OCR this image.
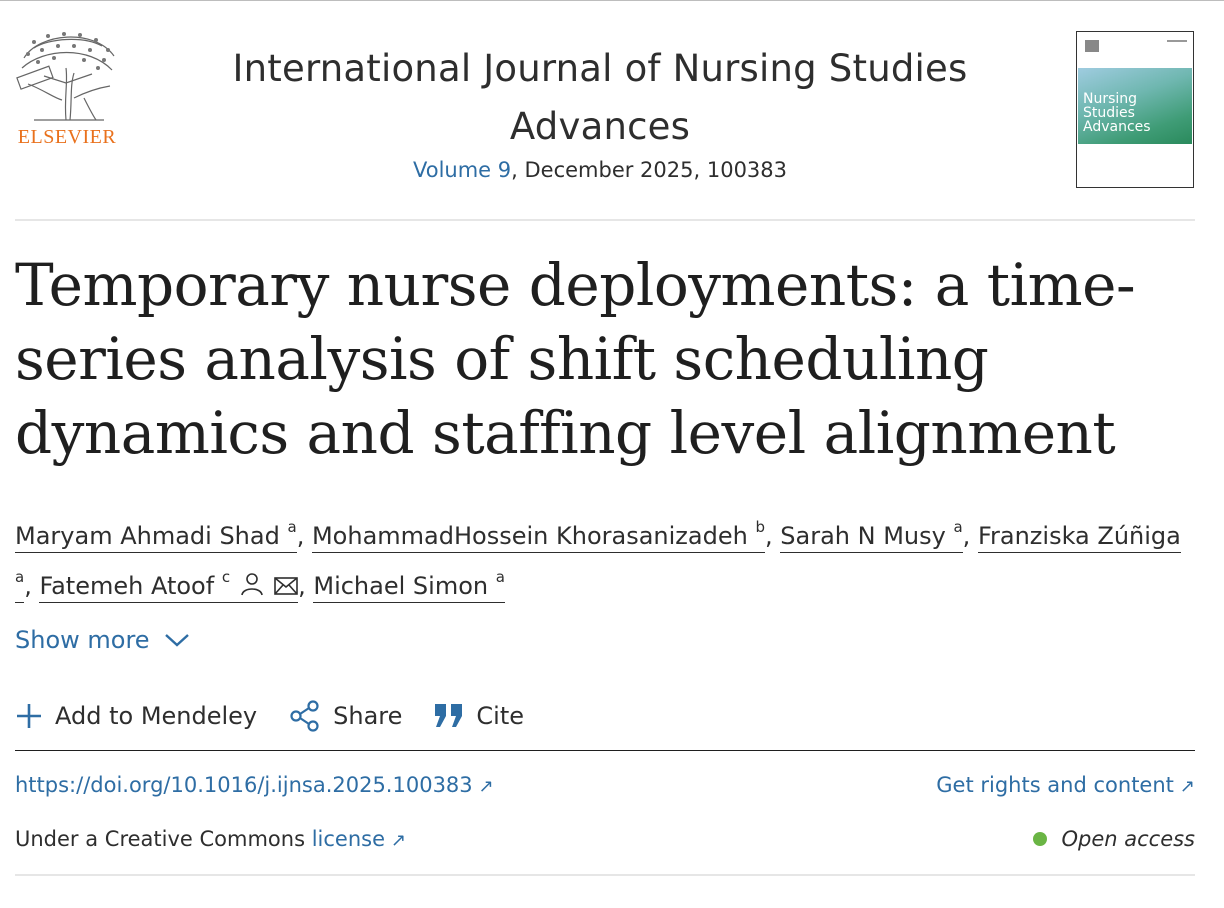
ELSEVIER
International Journal of Nursing Studies
Advances
Volume 9, December 2025, 100383
Nursing
Studies
Advances
Temporary nurse deployments: a time-series analysis of shift scheduling dynamics and staffing level alignment
Maryam Ahmadi Shad $^a$, MohammadHossein Khorasanizadeh $^b$, Sarah N Musy $^a$, Franziska Zúñiga $^a$, Fatemeh Atoof $^c$	, Michael Simon $^a$
Show more
Add to Mendeley	Share	Cite
https://doi.org/10.1016/j.ijnsa.2025.100383 ↗	Get rights and content ↗
Under a Creative Commons license ↗	Open access
